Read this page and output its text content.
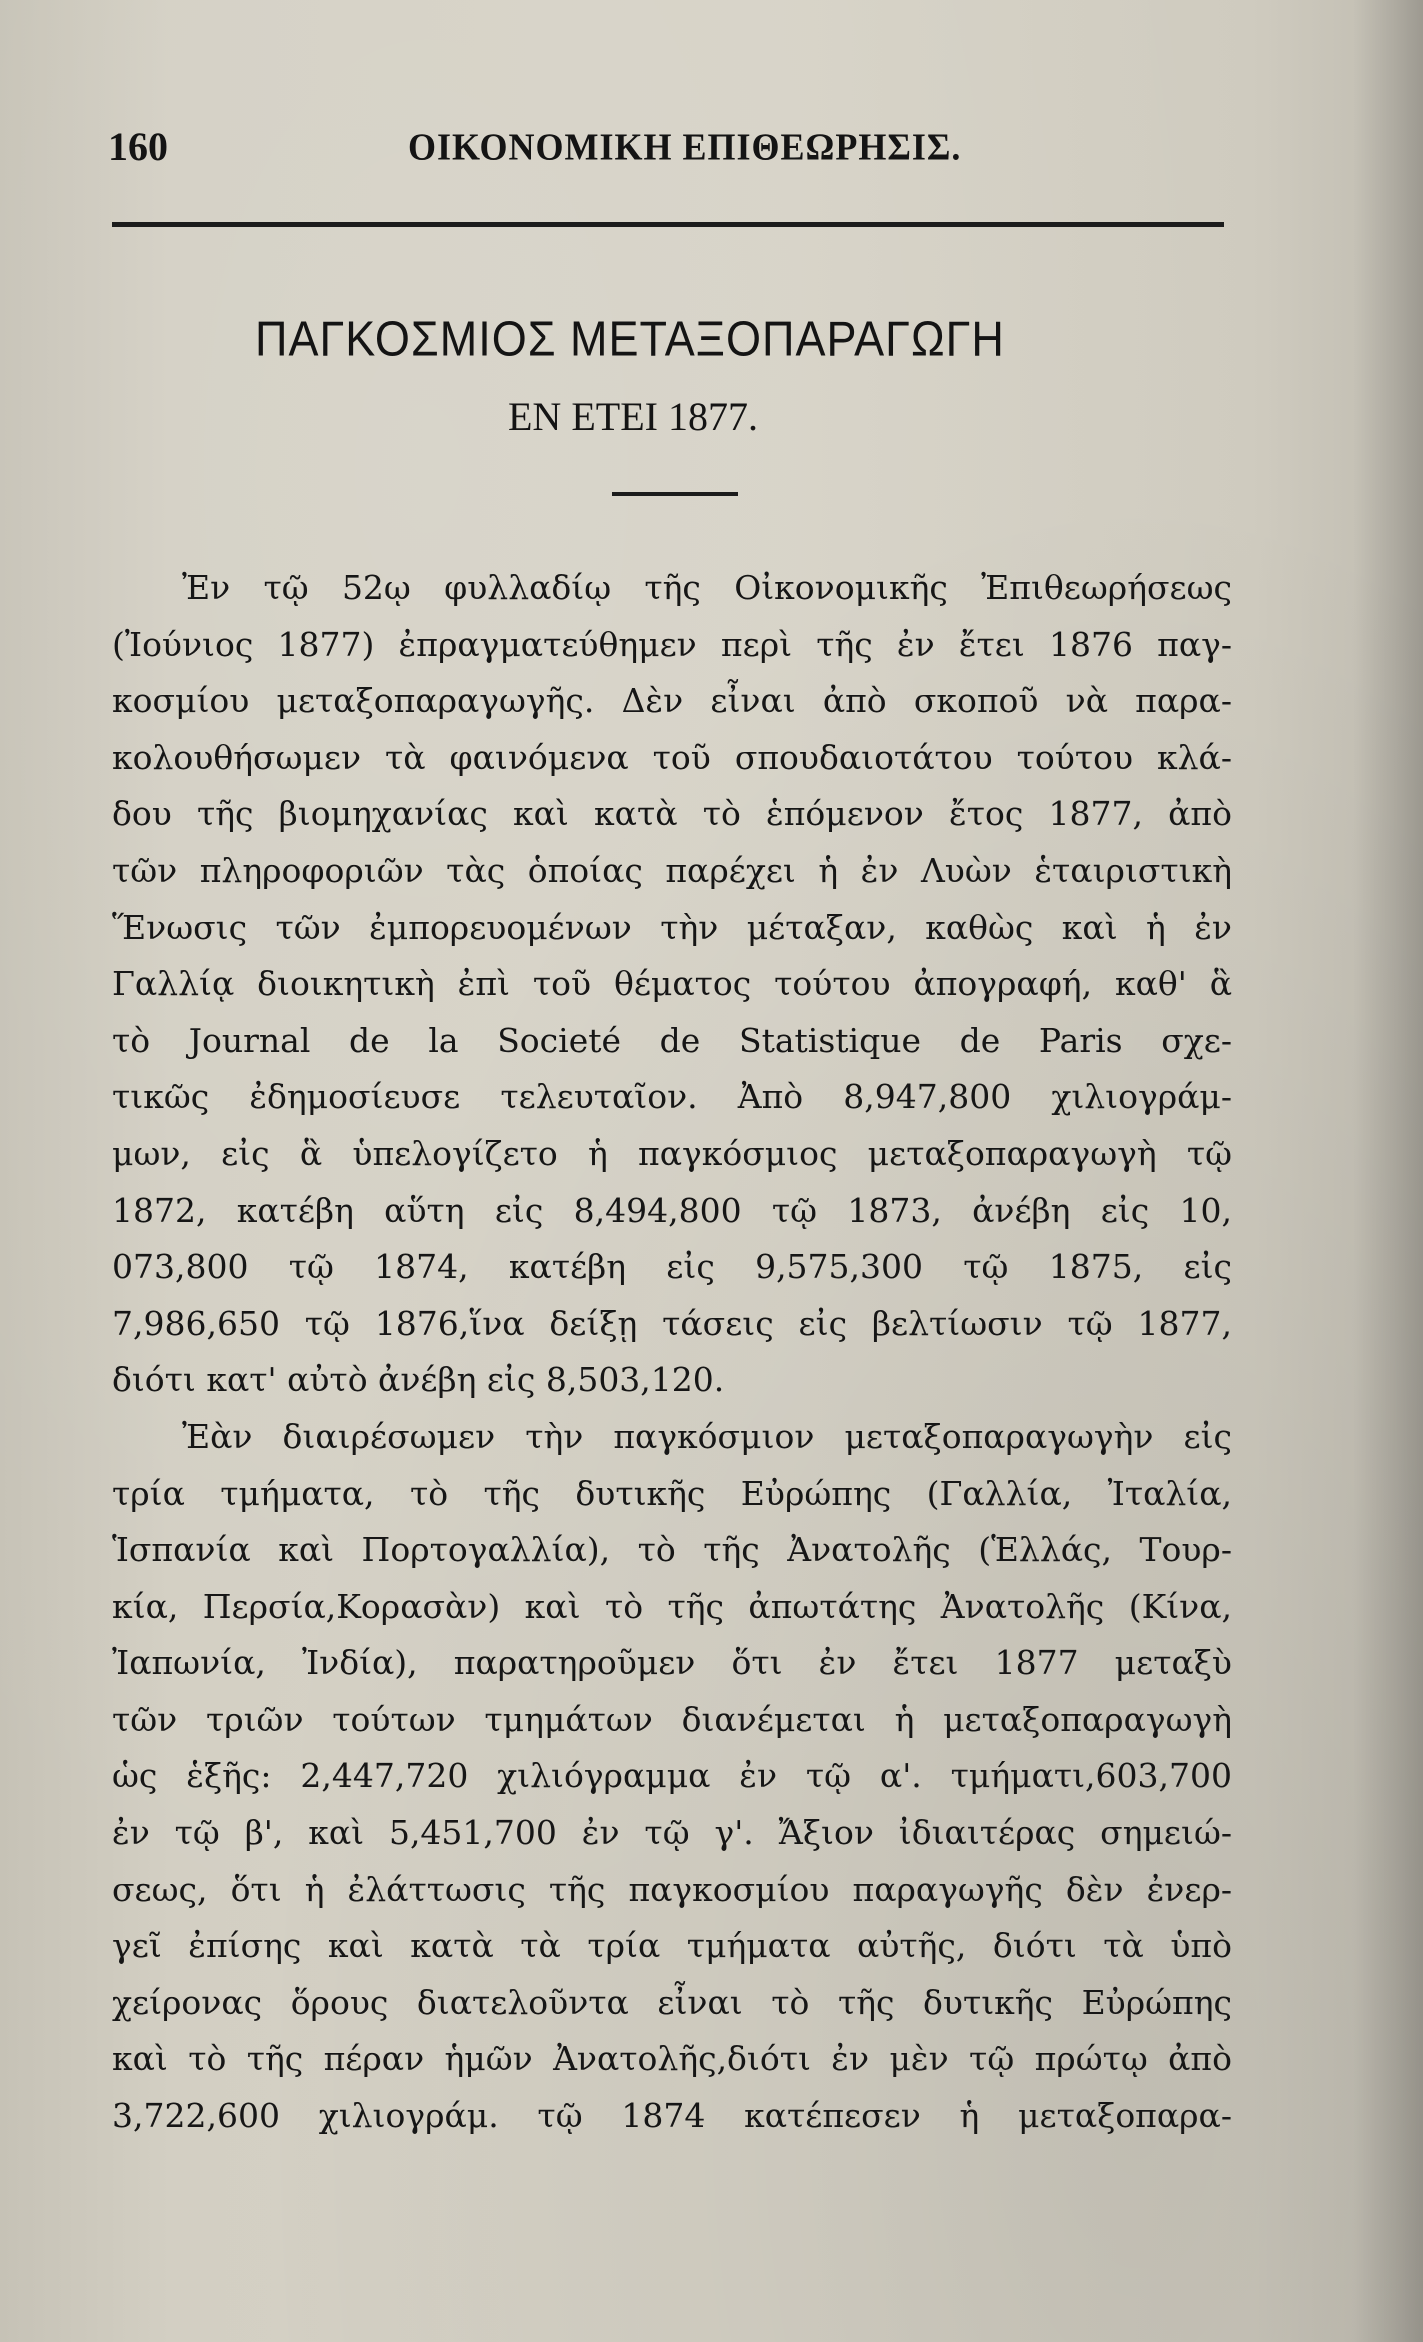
160	ΟΙΚΟΝΟΜΙΚΗ ΕΠΙΘΕΩΡΗΣΙΣ.
ΠΑΓΚΟΣΜΙΟΣ ΜΕΤΑΞΟΠΑΡΑΓΩΓΗ
ΕΝ ΕΤΕΙ 1877.
Ἐν τῷ 52ῳ φυλλαδίῳ τῆς Οἰκονομικῆς Ἐπιθεωρήσεως
(Ἰούνιος 1877) ἐπραγματεύθημεν περὶ τῆς ἐν ἔτει 1876 παγ-
κοσμίου μεταξοπαραγωγῆς. Δὲν εἶναι ἀπὸ σκοποῦ νὰ παρα-
κολουθήσωμεν τὰ φαινόμενα τοῦ σπουδαιοτάτου τούτου κλά-
δου τῆς βιομηχανίας καὶ κατὰ τὸ ἑπόμενον ἔτος 1877, ἀπὸ
τῶν πληροφοριῶν τὰς ὁποίας παρέχει ἡ ἐν Λυὼν ἑταιριστικὴ
Ἕνωσις τῶν ἐμπορευομένων τὴν μέταξαν, καθὼς καὶ ἡ ἐν
Γαλλίᾳ διοικητικὴ ἐπὶ τοῦ θέματος τούτου ἀπογραφή, καθ' ἃ
τὸ Journal de la Societé de Statistique de Paris σχε-
τικῶς ἐδημοσίευσε τελευταῖον. Ἀπὸ 8,947,800 χιλιογράμ-
μων, εἰς ἃ ὑπελογίζετο ἡ παγκόσμιος μεταξοπαραγωγὴ τῷ
1872, κατέβη αὕτη εἰς 8,494,800 τῷ 1873, ἀνέβη εἰς 10,
073,800 τῷ 1874, κατέβη εἰς 9,575,300 τῷ 1875, εἰς
7,986,650 τῷ 1876,ἵνα δείξῃ τάσεις εἰς βελτίωσιν τῷ 1877,
διότι κατ' αὐτὸ ἀνέβη εἰς 8,503,120.
Ἐὰν διαιρέσωμεν τὴν παγκόσμιον μεταξοπαραγωγὴν εἰς
τρία τμήματα, τὸ τῆς δυτικῆς Εὐρώπης (Γαλλία, Ἰταλία,
Ἱσπανία καὶ Πορτογαλλία), τὸ τῆς Ἀνατολῆς (Ἑλλάς, Τουρ-
κία, Περσία,Κορασὰν) καὶ τὸ τῆς ἀπωτάτης Ἀνατολῆς (Κίνα,
Ἰαπωνία, Ἰνδία), παρατηροῦμεν ὅτι ἐν ἔτει 1877 μεταξὺ
τῶν τριῶν τούτων τμημάτων διανέμεται ἡ μεταξοπαραγωγὴ
ὡς ἑξῆς: 2,447,720 χιλιόγραμμα ἐν τῷ α'. τμήματι,603,700
ἐν τῷ β', καὶ 5,451,700 ἐν τῷ γ'. Ἄξιον ἰδιαιτέρας σημειώ-
σεως, ὅτι ἡ ἐλάττωσις τῆς παγκοσμίου παραγωγῆς δὲν ἐνερ-
γεῖ ἐπίσης καὶ κατὰ τὰ τρία τμήματα αὐτῆς, διότι τὰ ὑπὸ
χείρονας ὅρους διατελοῦντα εἶναι τὸ τῆς δυτικῆς Εὐρώπης
καὶ τὸ τῆς πέραν ἡμῶν Ἀνατολῆς,διότι ἐν μὲν τῷ πρώτῳ ἀπὸ
3,722,600 χιλιογράμ. τῷ 1874 κατέπεσεν ἡ μεταξοπαρα-
